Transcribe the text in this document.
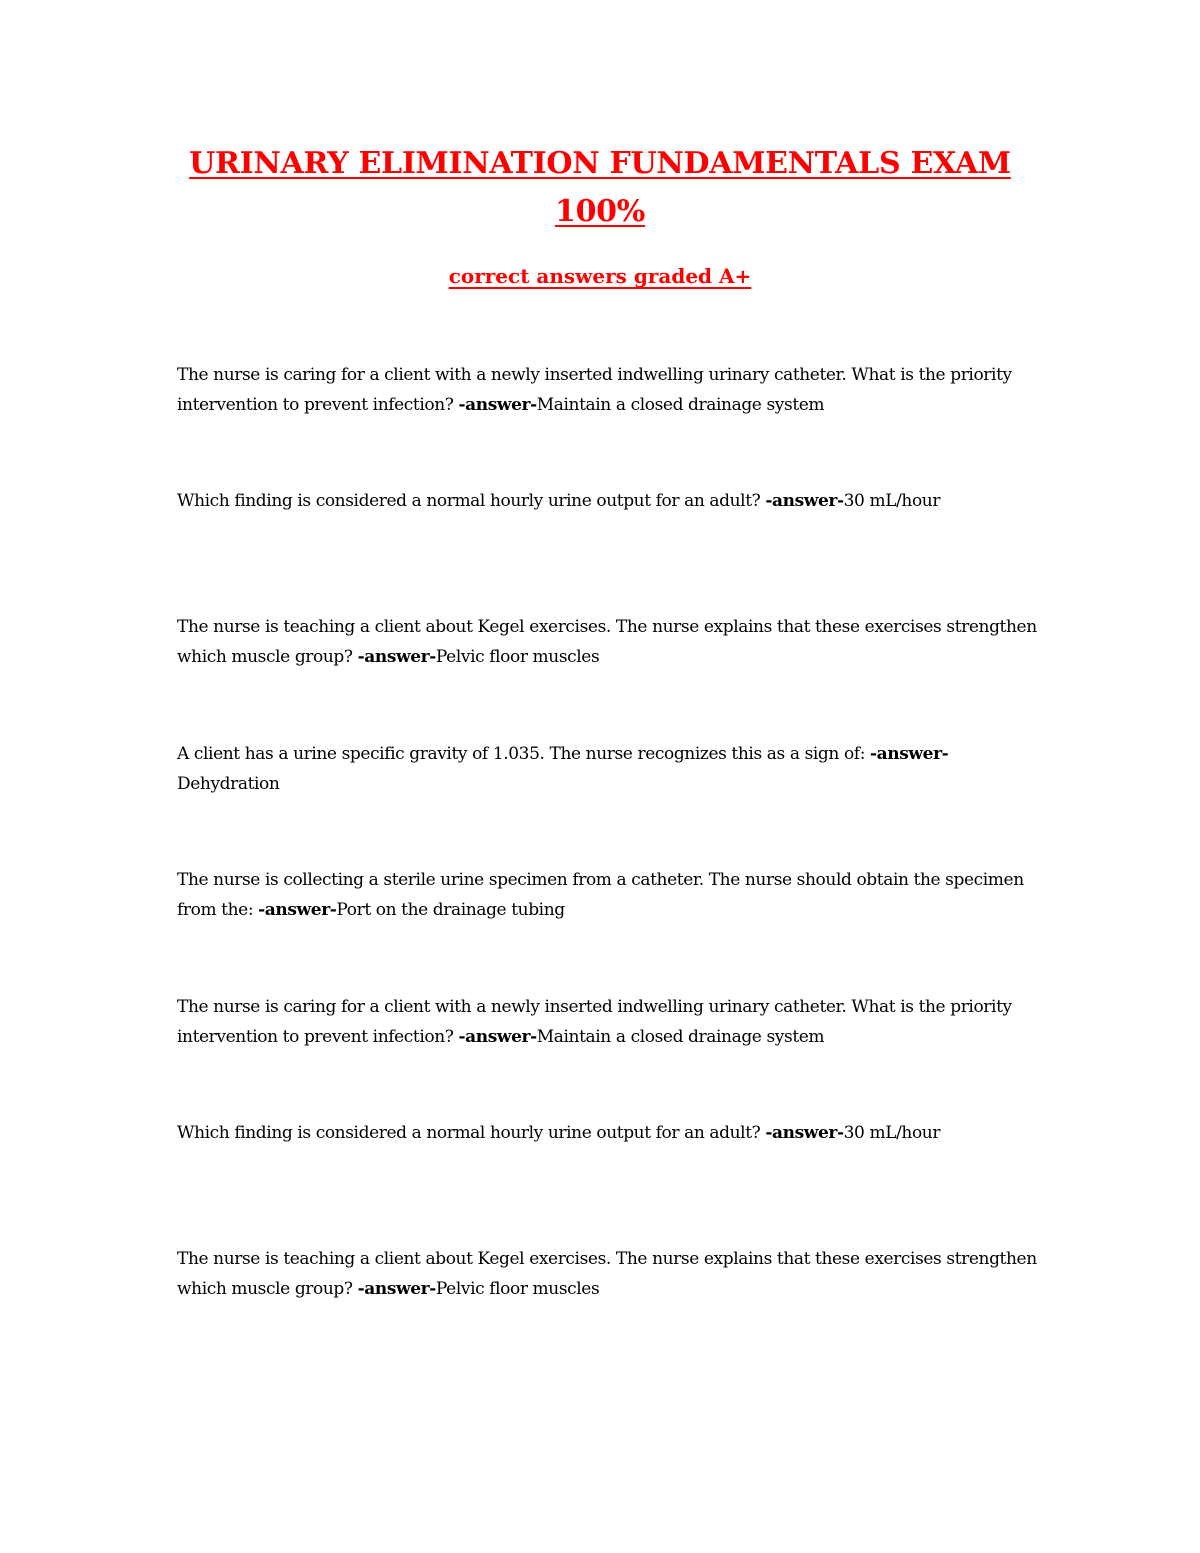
URINARY ELIMINATION FUNDAMENTALS EXAM
100%
correct answers graded A+

The nurse is caring for a client with a newly inserted indwelling urinary catheter. What is the priority intervention to prevent infection? -answer-Maintain a closed drainage system

Which finding is considered a normal hourly urine output for an adult? -answer-30 mL/hour

The nurse is teaching a client about Kegel exercises. The nurse explains that these exercises strengthen which muscle group? -answer-Pelvic floor muscles

A client has a urine specific gravity of 1.035. The nurse recognizes this as a sign of: -answer-Dehydration

The nurse is collecting a sterile urine specimen from a catheter. The nurse should obtain the specimen from the: -answer-Port on the drainage tubing

The nurse is caring for a client with a newly inserted indwelling urinary catheter. What is the priority intervention to prevent infection? -answer-Maintain a closed drainage system

Which finding is considered a normal hourly urine output for an adult? -answer-30 mL/hour

The nurse is teaching a client about Kegel exercises. The nurse explains that these exercises strengthen which muscle group? -answer-Pelvic floor muscles
